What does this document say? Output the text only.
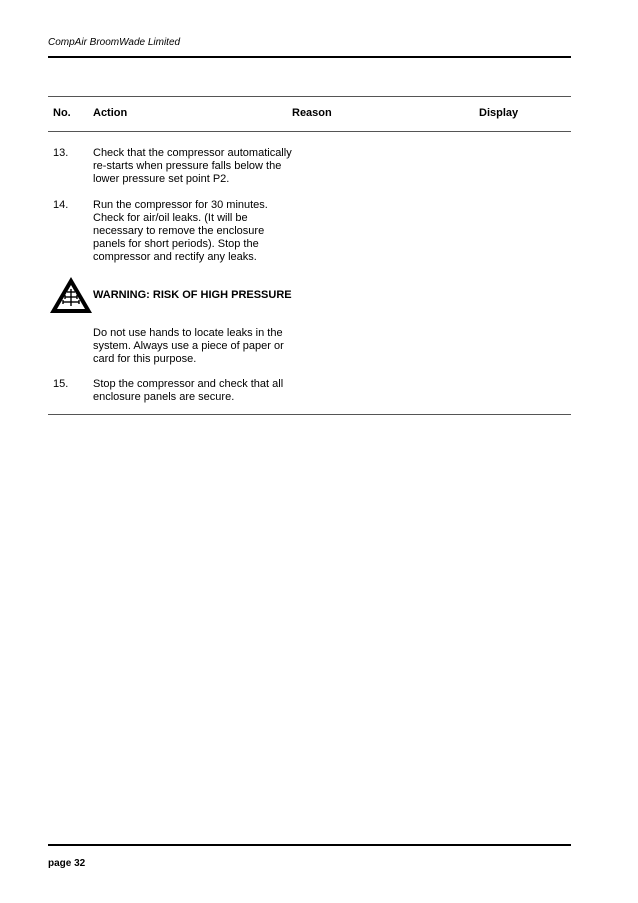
CompAir BroomWade Limited
No. Action	Reason	Display
13. Check that the compressor automatically
re-starts when pressure falls below the
lower pressure set point P2.
14. Run the compressor for 30 minutes.
Check for air/oil leaks. (It will be
necessary to remove the enclosure
panels for short periods). Stop the
compressor and rectify any leaks.
WARNING: RISK OF HIGH PRESSURE
Do not use hands to locate leaks in the
system. Always use a piece of paper or
card for this purpose.
15. Stop the compressor and check that all
enclosure panels are secure.
page 32
